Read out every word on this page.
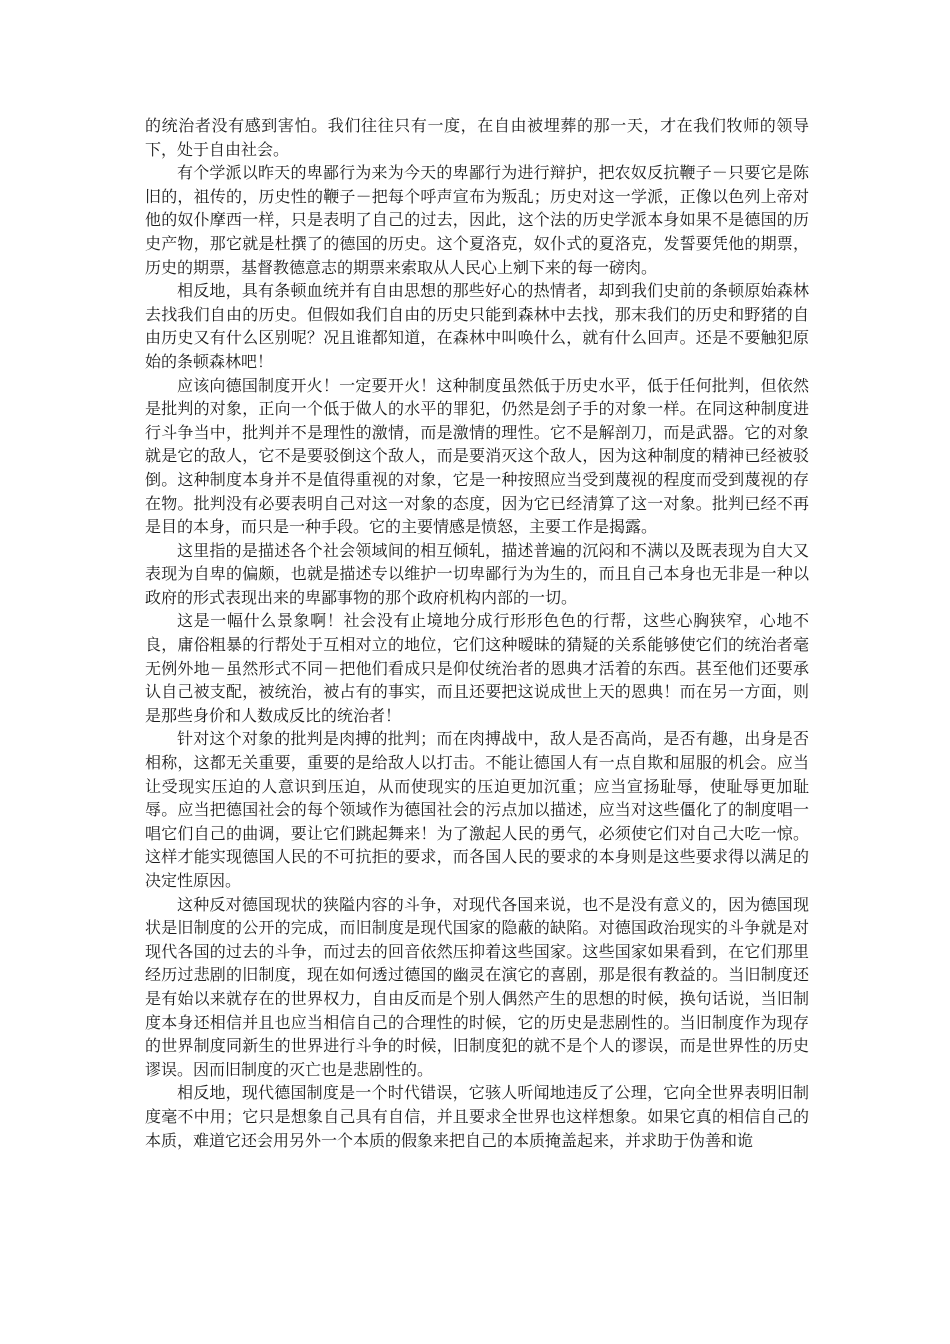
的统治者没有感到害怕。我们往往只有一度，在自由被埋葬的那一天，才在我们牧师的领导下，处于自由社会。

有个学派以昨天的卑鄙行为来为今天的卑鄙行为进行辩护，把农奴反抗鞭子－只要它是陈旧的，祖传的，历史性的鞭子－把每个呼声宣布为叛乱；历史对这一学派，正像以色列上帝对他的奴仆摩西一样，只是表明了自己的过去，因此，这个法的历史学派本身如果不是德国的历史产物，那它就是杜撰了的德国的历史。这个夏洛克，奴仆式的夏洛克，发誓要凭他的期票，历史的期票，基督教德意志的期票来索取从人民心上剜下来的每一磅肉。

相反地，具有条顿血统并有自由思想的那些好心的热情者，却到我们史前的条顿原始森林去找我们自由的历史。但假如我们自由的历史只能到森林中去找，那末我们的历史和野猪的自由历史又有什么区别呢？况且谁都知道，在森林中叫唤什么，就有什么回声。还是不要触犯原始的条顿森林吧！

应该向德国制度开火！一定要开火！这种制度虽然低于历史水平，低于任何批判，但依然是批判的对象，正向一个低于做人的水平的罪犯，仍然是刽子手的对象一样。在同这种制度进行斗争当中，批判并不是理性的激情，而是激情的理性。它不是解剖刀，而是武器。它的对象就是它的敌人，它不是要驳倒这个敌人，而是要消灭这个敌人，因为这种制度的精神已经被驳倒。这种制度本身并不是值得重视的对象，它是一种按照应当受到蔑视的程度而受到蔑视的存在物。批判没有必要表明自己对这一对象的态度，因为它已经清算了这一对象。批判已经不再是目的本身，而只是一种手段。它的主要情感是愤怒，主要工作是揭露。

这里指的是描述各个社会领域间的相互倾轧，描述普遍的沉闷和不满以及既表现为自大又表现为自卑的偏颇，也就是描述专以维护一切卑鄙行为为生的，而且自己本身也无非是一种以政府的形式表现出来的卑鄙事物的那个政府机构内部的一切。

这是一幅什么景象啊！社会没有止境地分成行形形色色的行帮，这些心胸狭窄，心地不良，庸俗粗暴的行帮处于互相对立的地位，它们这种暧昧的猜疑的关系能够使它们的统治者毫无例外地－虽然形式不同－把他们看成只是仰仗统治者的恩典才活着的东西。甚至他们还要承认自己被支配，被统治，被占有的事实，而且还要把这说成世上天的恩典！而在另一方面，则是那些身价和人数成反比的统治者！

针对这个对象的批判是肉搏的批判；而在肉搏战中，敌人是否高尚，是否有趣，出身是否相称，这都无关重要，重要的是给敌人以打击。不能让德国人有一点自欺和屈服的机会。应当让受现实压迫的人意识到压迫，从而使现实的压迫更加沉重；应当宣扬耻辱，使耻辱更加耻辱。应当把德国社会的每个领域作为德国社会的污点加以描述，应当对这些僵化了的制度唱一唱它们自己的曲调，要让它们跳起舞来！为了激起人民的勇气，必须使它们对自己大吃一惊。这样才能实现德国人民的不可抗拒的要求，而各国人民的要求的本身则是这些要求得以满足的决定性原因。

这种反对德国现状的狭隘内容的斗争，对现代各国来说，也不是没有意义的，因为德国现状是旧制度的公开的完成，而旧制度是现代国家的隐蔽的缺陷。对德国政治现实的斗争就是对现代各国的过去的斗争，而过去的回音依然压抑着这些国家。这些国家如果看到，在它们那里经历过悲剧的旧制度，现在如何透过德国的幽灵在演它的喜剧，那是很有教益的。当旧制度还是有始以来就存在的世界权力，自由反而是个别人偶然产生的思想的时候，换句话说，当旧制度本身还相信并且也应当相信自己的合理性的时候，它的历史是悲剧性的。当旧制度作为现存的世界制度同新生的世界进行斗争的时候，旧制度犯的就不是个人的谬误，而是世界性的历史谬误。因而旧制度的灭亡也是悲剧性的。

相反地，现代德国制度是一个时代错误，它骇人听闻地违反了公理，它向全世界表明旧制度毫不中用；它只是想象自己具有自信，并且要求全世界也这样想象。如果它真的相信自己的本质，难道它还会用另外一个本质的假象来把自己的本质掩盖起来，并求助于伪善和诡
